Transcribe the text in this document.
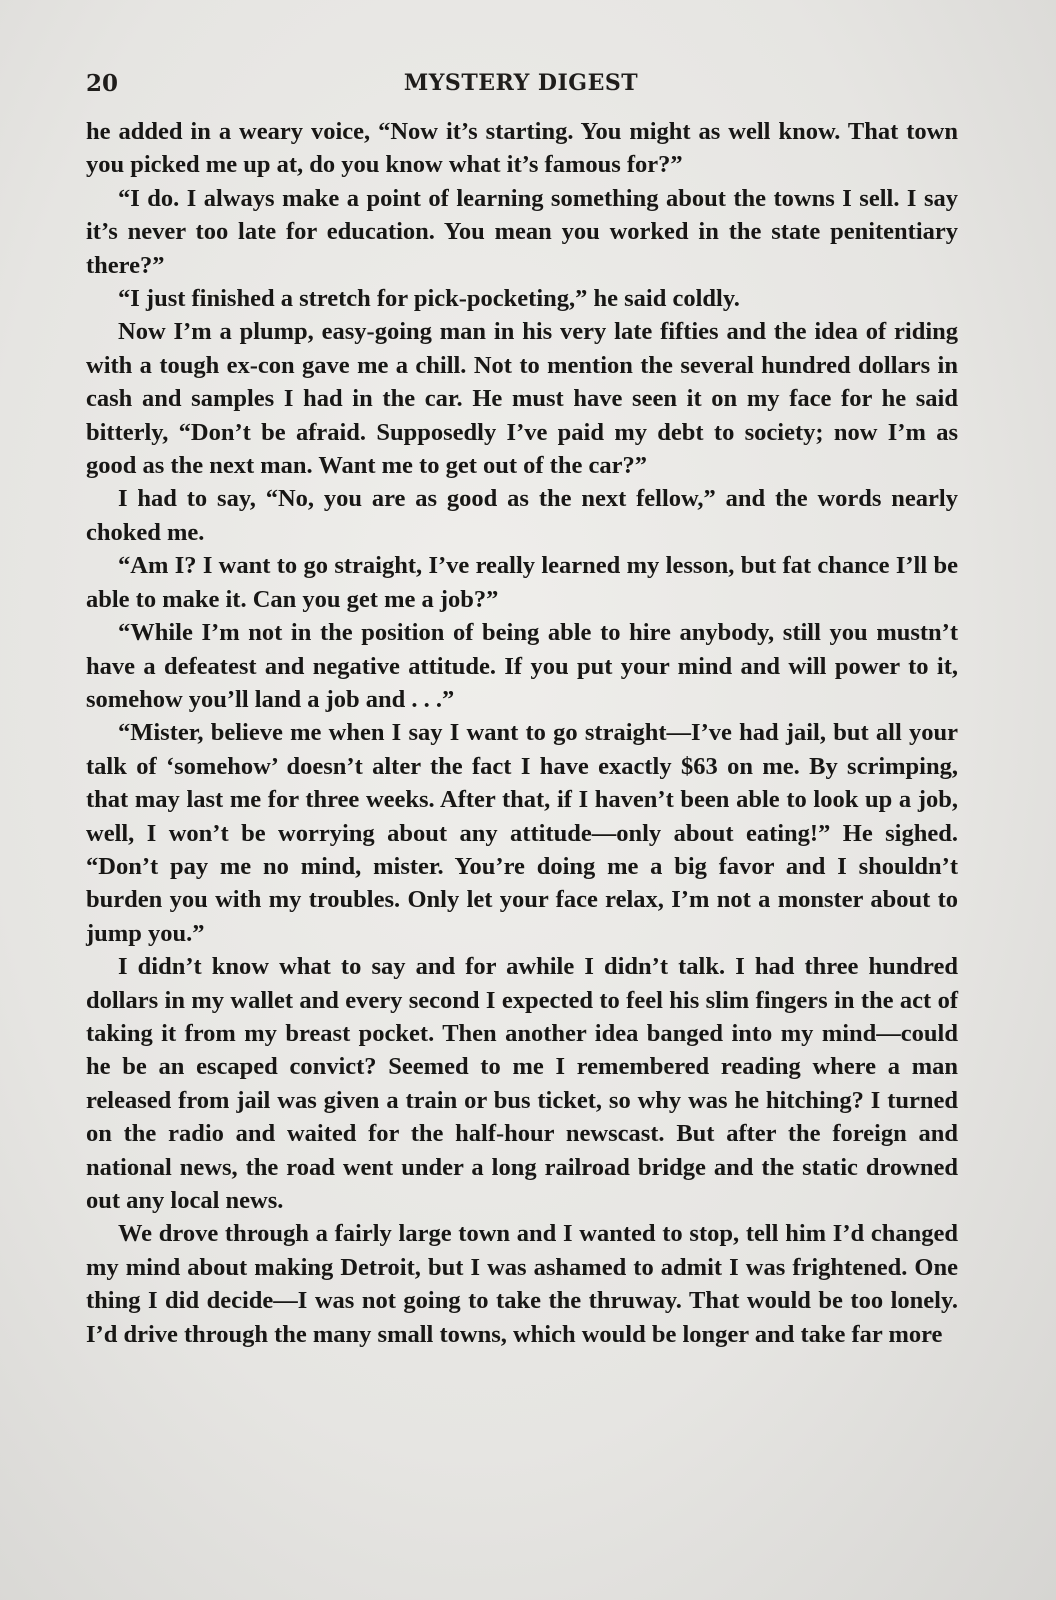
20	MYSTERY DIGEST

he added in a weary voice, “Now it’s starting. You might as well know. That town you picked me up at, do you know what it’s famous for?”

“I do. I always make a point of learning something about the towns I sell. I say it’s never too late for education. You mean you worked in the state penitentiary there?”

“I just finished a stretch for pick-pocketing,” he said coldly.

Now I’m a plump, easy-going man in his very late fifties and the idea of riding with a tough ex-con gave me a chill. Not to mention the several hundred dollars in cash and samples I had in the car. He must have seen it on my face for he said bitterly, “Don’t be afraid. Supposedly I’ve paid my debt to society; now I’m as good as the next man. Want me to get out of the car?”

I had to say, “No, you are as good as the next fellow,” and the words nearly choked me.

“Am I? I want to go straight, I’ve really learned my lesson, but fat chance I’ll be able to make it. Can you get me a job?”

“While I’m not in the position of being able to hire anybody, still you mustn’t have a defeatest and negative attitude. If you put your mind and will power to it, somehow you’ll land a job and . . .”

“Mister, believe me when I say I want to go straight—I’ve had jail, but all your talk of ‘somehow’ doesn’t alter the fact I have exactly $63 on me. By scrimping, that may last me for three weeks. After that, if I haven’t been able to look up a job, well, I won’t be worrying about any attitude—only about eating!” He sighed. “Don’t pay me no mind, mister. You’re doing me a big favor and I shouldn’t burden you with my troubles. Only let your face relax, I’m not a monster about to jump you.”

I didn’t know what to say and for awhile I didn’t talk. I had three hundred dollars in my wallet and every second I expected to feel his slim fingers in the act of taking it from my breast pocket. Then another idea banged into my mind—could he be an escaped convict? Seemed to me I remembered reading where a man released from jail was given a train or bus ticket, so why was he hitching? I turned on the radio and waited for the half-hour newscast. But after the foreign and national news, the road went under a long railroad bridge and the static drowned out any local news.

We drove through a fairly large town and I wanted to stop, tell him I’d changed my mind about making Detroit, but I was ashamed to admit I was frightened. One thing I did decide—I was not going to take the thruway. That would be too lonely. I’d drive through the many small towns, which would be longer and take far more
